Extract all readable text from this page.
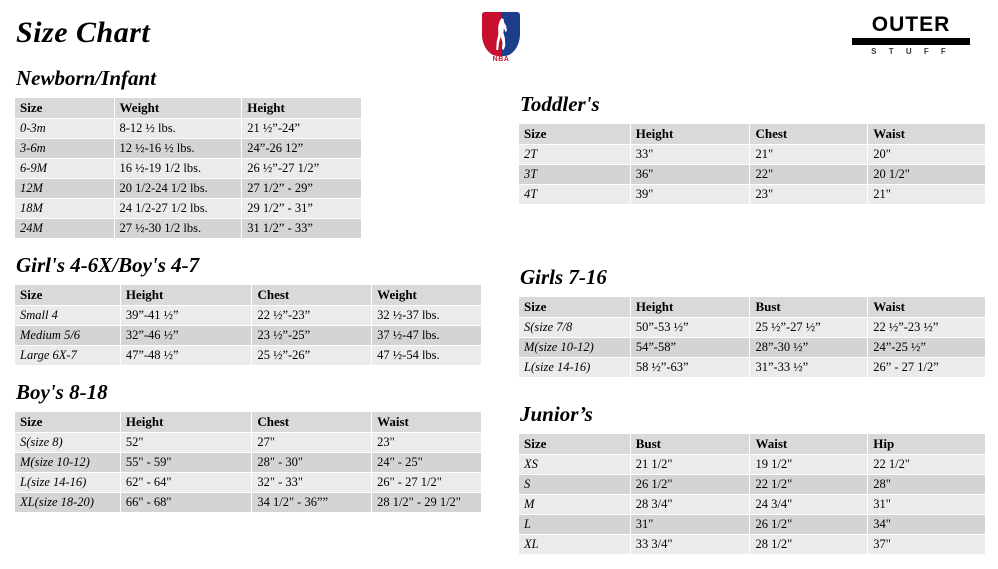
Size Chart
NBA
OUTER
S T U F F
Newborn/Infant
Size	Weight	Height
0-3m	8-12 ½ lbs.	21 ½”-24”
3-6m	12 ½-16 ½ lbs.	24”-26 12”
6-9M	16 ½-19 1/2 lbs.	26 ½”-27 1/2”
12M	20 1/2-24 1/2 lbs.	27 1/2” - 29”
18M	24 1/2-27 1/2 lbs.	29 1/2” - 31”
24M	27 ½-30 1/2 lbs.	31 1/2” - 33”
Girl's 4-6X/Boy's 4-7
Size	Height	Chest	Weight
Small 4	39”-41 ½”	22 ½”-23”	32 ½-37 lbs.
Medium 5/6	32”-46 ½”	23 ½”-25”	37 ½-47 lbs.
Large 6X-7	47”-48 ½”	25 ½”-26”	47 ½-54 lbs.
Boy's 8-18
Size	Height	Chest	Waist
S(size 8)	52"	27"	23"
M(size 10-12)	55" - 59"	28" - 30"	24" - 25"
L(size 14-16)	62" - 64"	32" - 33"	26" - 27 1/2"
XL(size 18-20)	66" - 68"	34 1/2" - 36””	28 1/2" - 29 1/2"
Toddler's
Size	Height	Chest	Waist
2T	33"	21"	20"
3T	36"	22"	20 1/2"
4T	39"	23"	21"
Girls 7-16
Size	Height	Bust	Waist
S(size 7/8	50”-53 ½”	25 ½”-27 ½”	22 ½”-23 ½”
M(size 10-12)	54”-58”	28”-30 ½”	24”-25 ½”
L(size 14-16)	58 ½”-63”	31”-33 ½”	26” - 27 1/2”
Junior’s
Size	Bust	Waist	Hip
XS	21 1/2"	19 1/2"	22 1/2"
S	26 1/2"	22 1/2"	28"
M	28 3/4"	24 3/4"	31"
L	31"	26 1/2"	34"
XL	33 3/4"	28 1/2"	37"
